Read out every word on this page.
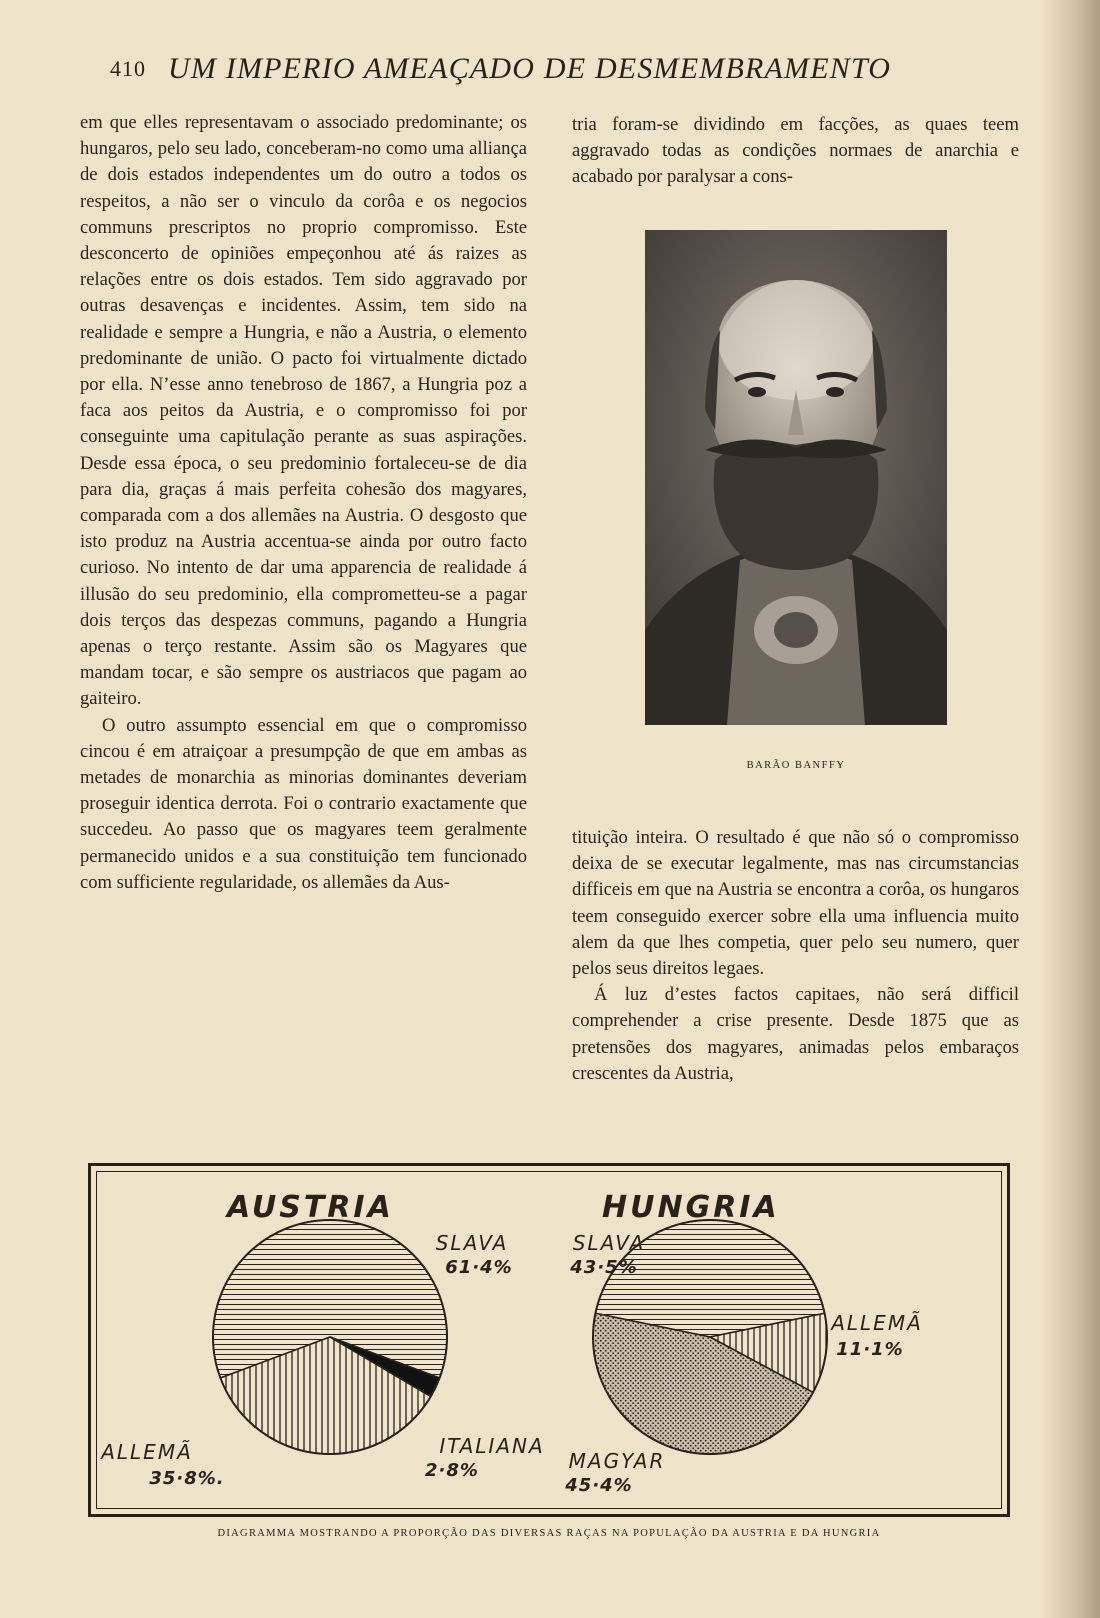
410 UM IMPERIO AMEAÇADO DE DESMEMBRAMENTO

em que elles representavam o associado predominante; os hungaros, pelo seu lado, conceberam-no como uma alliança de dois estados independentes um do outro a todos os respeitos, a não ser o vinculo da corôa e os negocios communs prescriptos no proprio compromisso. Este desconcerto de opiniões empeçonhou até ás raizes as relações entre os dois estados. Tem sido aggravado por outras desavenças e incidentes. Assim, tem sido na realidade e sempre a Hungria, e não a Austria, o elemento predominante de união. O pacto foi virtualmente dictado por ella. N’esse anno tenebroso de 1867, a Hungria poz a faca aos peitos da Austria, e o compromisso foi por conseguinte uma capitulação perante as suas aspirações. Desde essa época, o seu predominio fortaleceu-se de dia para dia, graças á mais perfeita cohesão dos magyares, comparada com a dos allemães na Austria. O desgosto que isto produz na Austria accentua-se ainda por outro facto curioso. No intento de dar uma apparencia de realidade á illusão do seu predominio, ella comprometteu-se a pagar dois terços das despezas communs, pagando a Hungria apenas o terço restante. Assim são os Magyares que mandam tocar, e são sempre os austriacos que pagam ao gaiteiro.

O outro assumpto essencial em que o compromisso cincou é em atraiçoar a presumpção de que em ambas as metades de monarchia as minorias dominantes deveriam proseguir identica derrota. Foi o contrario exactamente que succedeu. Ao passo que os magyares teem geralmente permanecido unidos e a sua constituição tem funcionado com sufficiente regularidade, os allemães da Aus-

tria foram-se dividindo em facções, as quaes teem aggravado todas as condições normaes de anarchia e acabado por paralysar a cons-

BARÃO BANFFY

tituição inteira. O resultado é que não só o compromisso deixa de se executar legalmente, mas nas circumstancias difficeis em que na Austria se encontra a corôa, os hungaros teem conseguido exercer sobre ella uma influencia muito alem da que lhes competia, quer pelo seu numero, quer pelos seus direitos legaes.

Á luz d’estes factos capitaes, não será difficil comprehender a crise presente. Desde 1875 que as pretensões dos magyares, animadas pelos embaraços crescentes da Austria,

AUSTRIA
SLAVA
61·4%
ALLEMÃ
35·8%.
ITALIANA
2·8%
HUNGRIA
SLAVA
43·5%
ALLEMÃ
11·1%
MAGYAR
45·4%
DIAGRAMMA MOSTRANDO A PROPORÇÃO DAS DIVERSAS RAÇAS NA POPULAÇÃO DA AUSTRIA E DA HUNGRIA
